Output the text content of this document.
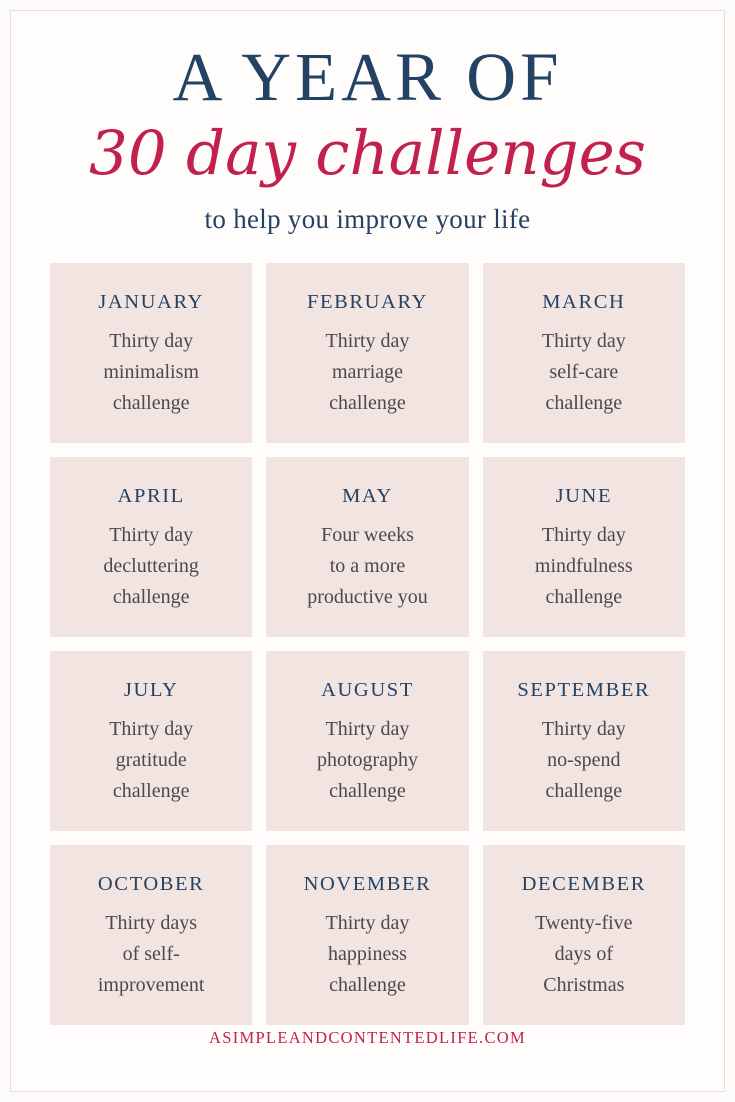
A YEAR OF
30 day challenges
to help you improve your life
JANUARY
Thirty day
minimalism
challenge
FEBRUARY
Thirty day
marriage
challenge
MARCH
Thirty day
self-care
challenge
APRIL
Thirty day
decluttering
challenge
MAY
Four weeks
to a more
productive you
JUNE
Thirty day
mindfulness
challenge
JULY
Thirty day
gratitude
challenge
AUGUST
Thirty day
photography
challenge
SEPTEMBER
Thirty day
no-spend
challenge
OCTOBER
Thirty days
of self-
improvement
NOVEMBER
Thirty day
happiness
challenge
DECEMBER
Twenty-five
days of
Christmas
ASIMPLEANDCONTENTEDLIFE.COM
